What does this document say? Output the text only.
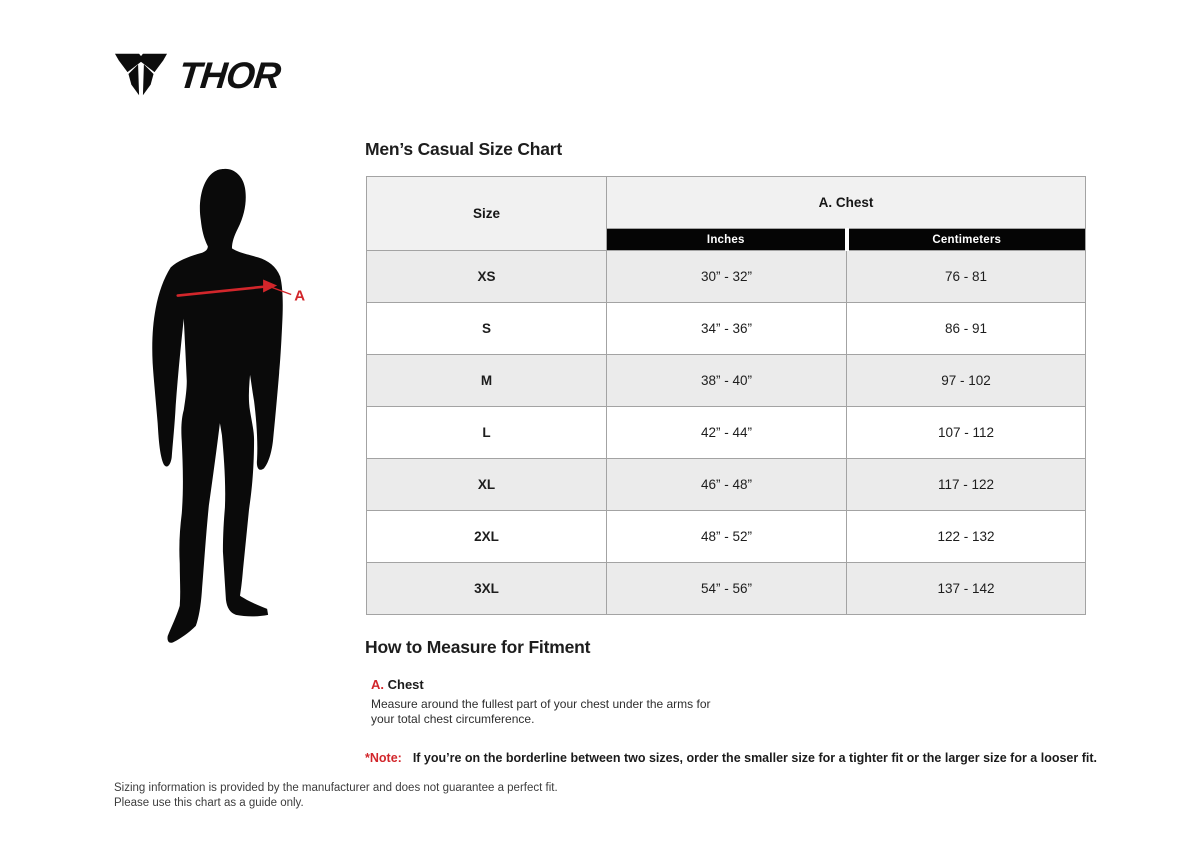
THOR
A
Men’s Casual Size Chart
Size	A. Chest	
	Inches	Centimeters
XS	30” - 32”	76 - 81
S	34” - 36”	86 - 91
M	38” - 40”	97 - 102
L	42” - 44”	107 - 112
XL	46” - 48”	117 - 122
2XL	48” - 52”	122 - 132
3XL	54” - 56”	137 - 142
How to Measure for Fitment
A. Chest

Measure around the fullest part of your chest under the arms for your total chest circumference.

*Note: If you’re on the borderline between two sizes, order the smaller size for a tighter fit or the larger size for a looser fit.

Sizing information is provided by the manufacturer and does not guarantee a perfect fit.
Please use this chart as a guide only.
